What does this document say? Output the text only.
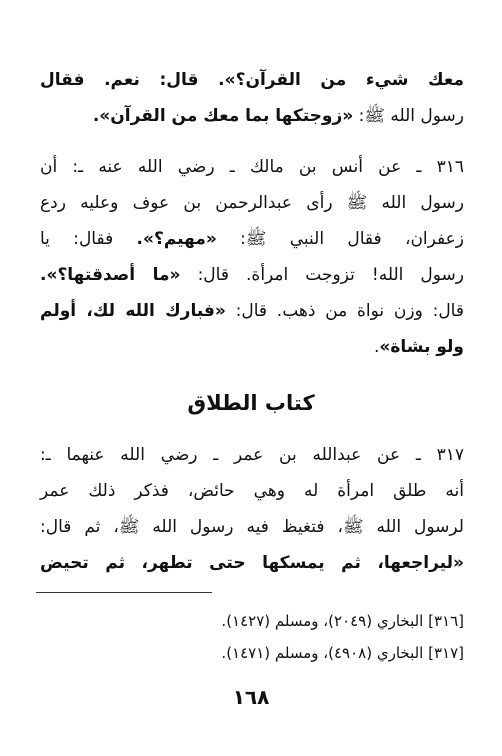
معك شيء من القرآن؟». قال: نعم. فقال
رسول الله ﷺ: «زوجتكها بما معك من القرآن».
٣١٦ ـ عن أنس بن مالك ـ رضي الله عنه ـ: أن
رسول الله ﷺ رأى عبدالرحمن بن عوف وعليه ردع
زعفران، فقال النبي ﷺ: «مهيم؟». فقال: يا
رسول الله! تزوجت امرأة. قال: «ما أصدقتها؟».
قال: وزن نواة من ذهب. قال: «فبارك الله لك، أولم
ولو بشاة».
كتاب الطلاق
٣١٧ ـ عن عبدالله بن عمر ـ رضي الله عنهما ـ:
أنه طلق امرأة له وهي حائض، فذكر ذلك عمر
لرسول الله ﷺ، فتغيظ فيه رسول الله ﷺ، ثم قال:
«ليراجعها، ثم يمسكها حتى تطهر، ثم تحيض
[٣١٦] البخاري (٢٠٤٩)، ومسلم (١٤٢٧).
[٣١٧] البخاري (٤٩٠٨)، ومسلم (١٤٧١).
١٦٨
